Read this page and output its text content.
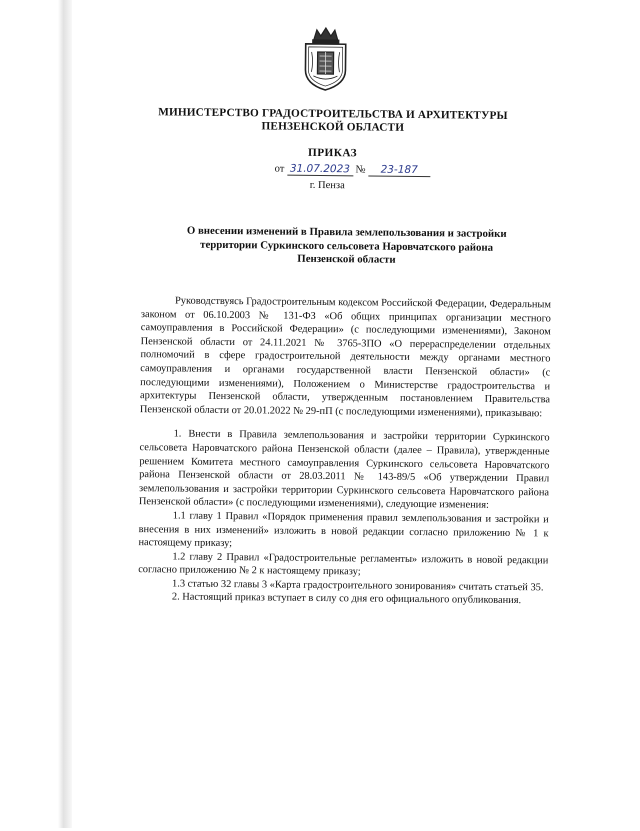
МИНИСТЕРСТВО ГРАДОСТРОИТЕЛЬСТВА И АРХИТЕКТУРЫ
ПЕНЗЕНСКОЙ ОБЛАСТИ
ПРИКАЗ
от 31.07.2023 № 23-187
г. Пенза
О внесении изменений в Правила землепользования и застройки
территории Суркинского сельсовета Наровчатского района
Пензенской области

Руководствуясь Градостроительным кодексом Российской Федерации, Федеральным законом от 06.10.2003 № 131-ФЗ «Об общих принципах организации местного самоуправления в Российской Федерации» (с последующими изменениями), Законом Пензенской области от 24.11.2021 № 3765-ЗПО «О перераспределении отдельных полномочий в сфере градостроительной деятельности между органами местного самоуправления и органами государственной власти Пензенской области» (с последующими изменениями), Положением о Министерстве градостроительства и архитектуры Пензенской области, утвержденным постановлением Правительства Пензенской области от 20.01.2022 № 29-пП (с последующими изменениями), приказываю:

1. Внести в Правила землепользования и застройки территории Суркинского сельсовета Наровчатского района Пензенской области (далее – Правила), утвержденные решением Комитета местного самоуправления Суркинского сельсовета Наровчатского района Пензенской области от 28.03.2011 № 143-89/5 «Об утверждении Правил землепользования и застройки территории Суркинского сельсовета Наровчатского района Пензенской области» (с последующими изменениями), следующие изменения:

1.1 главу 1 Правил «Порядок применения правил землепользования и застройки и внесения в них изменений» изложить в новой редакции согласно приложению № 1 к настоящему приказу;

1.2 главу 2 Правил «Градостроительные регламенты» изложить в новой редакции согласно приложению № 2 к настоящему приказу;

1.3 статью 32 главы 3 «Карта градостроительного зонирования» считать статьей 35.

2. Настоящий приказ вступает в силу со дня его официального опубликования.
